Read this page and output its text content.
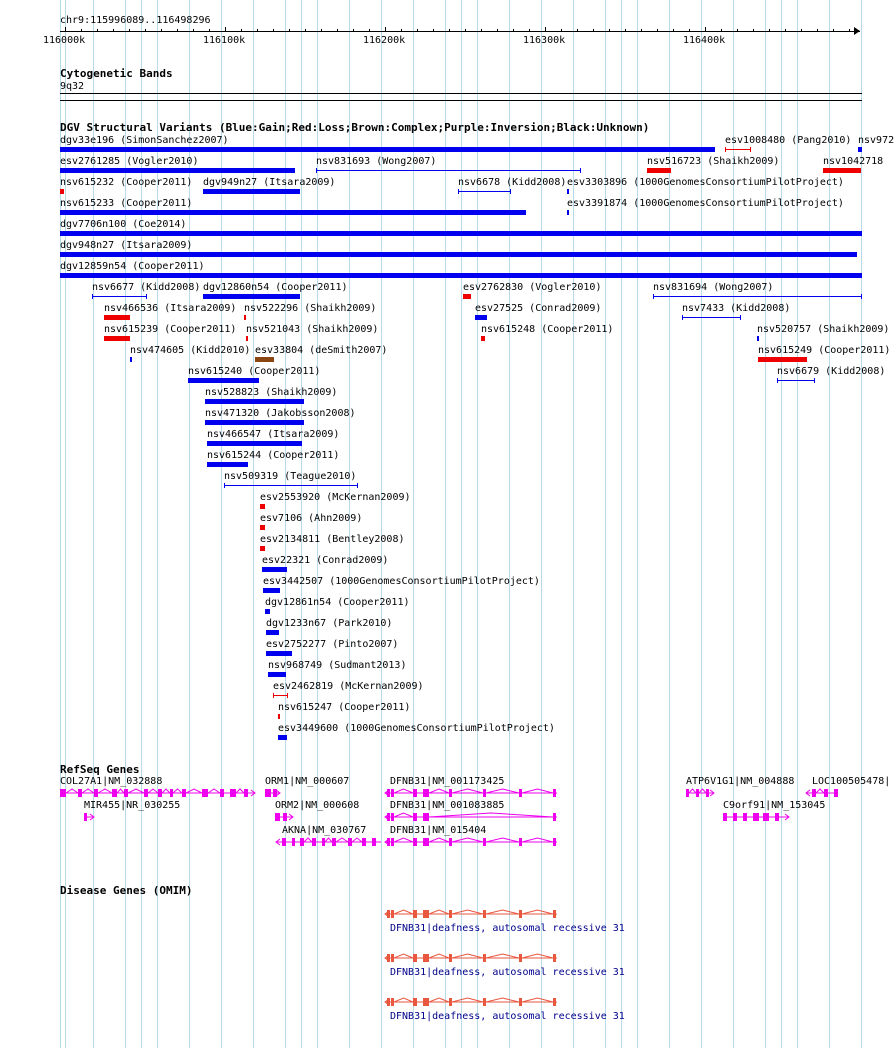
chr9:115996089..116498296
116000k	116100k	116200k	116300k	116400k
Cytogenetic Bands
9q32
DGV Structural Variants (Blue:Gain;Red:Loss;Brown:Complex;Purple:Inversion;Black:Unknown)
dgv33e196 (SimonSanchez2007)	esv1008480 (Pang2010) nsv972
esv2761285 (Vogler2010)	nsv831693 (Wong2007)	nsv516723 (Shaikh2009)	nsv1042718
nsv615232 (Cooper2011) dgv949n27 (Itsara2009)	nsv6678 (Kidd2008) esv3303896 (1000GenomesConsortiumPilotProject)
nsv615233 (Cooper2011)	esv3391874 (1000GenomesConsortiumPilotProject)
dgv7706n100 (Coe2014)
dgv948n27 (Itsara2009)
dgv12859n54 (Cooper2011)
nsv6677 (Kidd2008) dgv12860n54 (Cooper2011)	esv2762830 (Vogler2010)	nsv831694 (Wong2007)
nsv466536 (Itsara2009) nsv522296 (Shaikh2009)	esv27525 (Conrad2009)	nsv7433 (Kidd2008)
nsv615239 (Cooper2011) nsv521043 (Shaikh2009)	nsv615248 (Cooper2011)	nsv520757 (Shaikh2009)
nsv474605 (Kidd2010) esv33804 (deSmith2007)	nsv615249 (Cooper2011)
nsv615240 (Cooper2011)	nsv6679 (Kidd2008)
nsv528823 (Shaikh2009)
nsv471320 (Jakobsson2008)
nsv466547 (Itsara2009)
nsv615244 (Cooper2011)
nsv509319 (Teague2010)
esv2553920 (McKernan2009)
esv7106 (Ahn2009)
esv2134811 (Bentley2008)
esv22321 (Conrad2009)
esv3442507 (1000GenomesConsortiumPilotProject)
dgv12861n54 (Cooper2011)
dgv1233n67 (Park2010)
esv2752277 (Pinto2007)
nsv968749 (Sudmant2013)
esv2462819 (McKernan2009)
nsv615247 (Cooper2011)
esv3449600 (1000GenomesConsortiumPilotProject)
RefSeq Genes
COL27A1|NM_032888
MIR455|NR_030255
ORM1|NM_000607
ORM2|NM_000608
AKNA|NM_030767
DFNB31|NM_001173425
DFNB31|NM_001083885
DFNB31|NM_015404
ATP6V1G1|NM_004888
C9orf91|NM_153045
LOC100505478|
Disease Genes (OMIM)
DFNB31|deafness, autosomal recessive 31
DFNB31|deafness, autosomal recessive 31
DFNB31|deafness, autosomal recessive 31
